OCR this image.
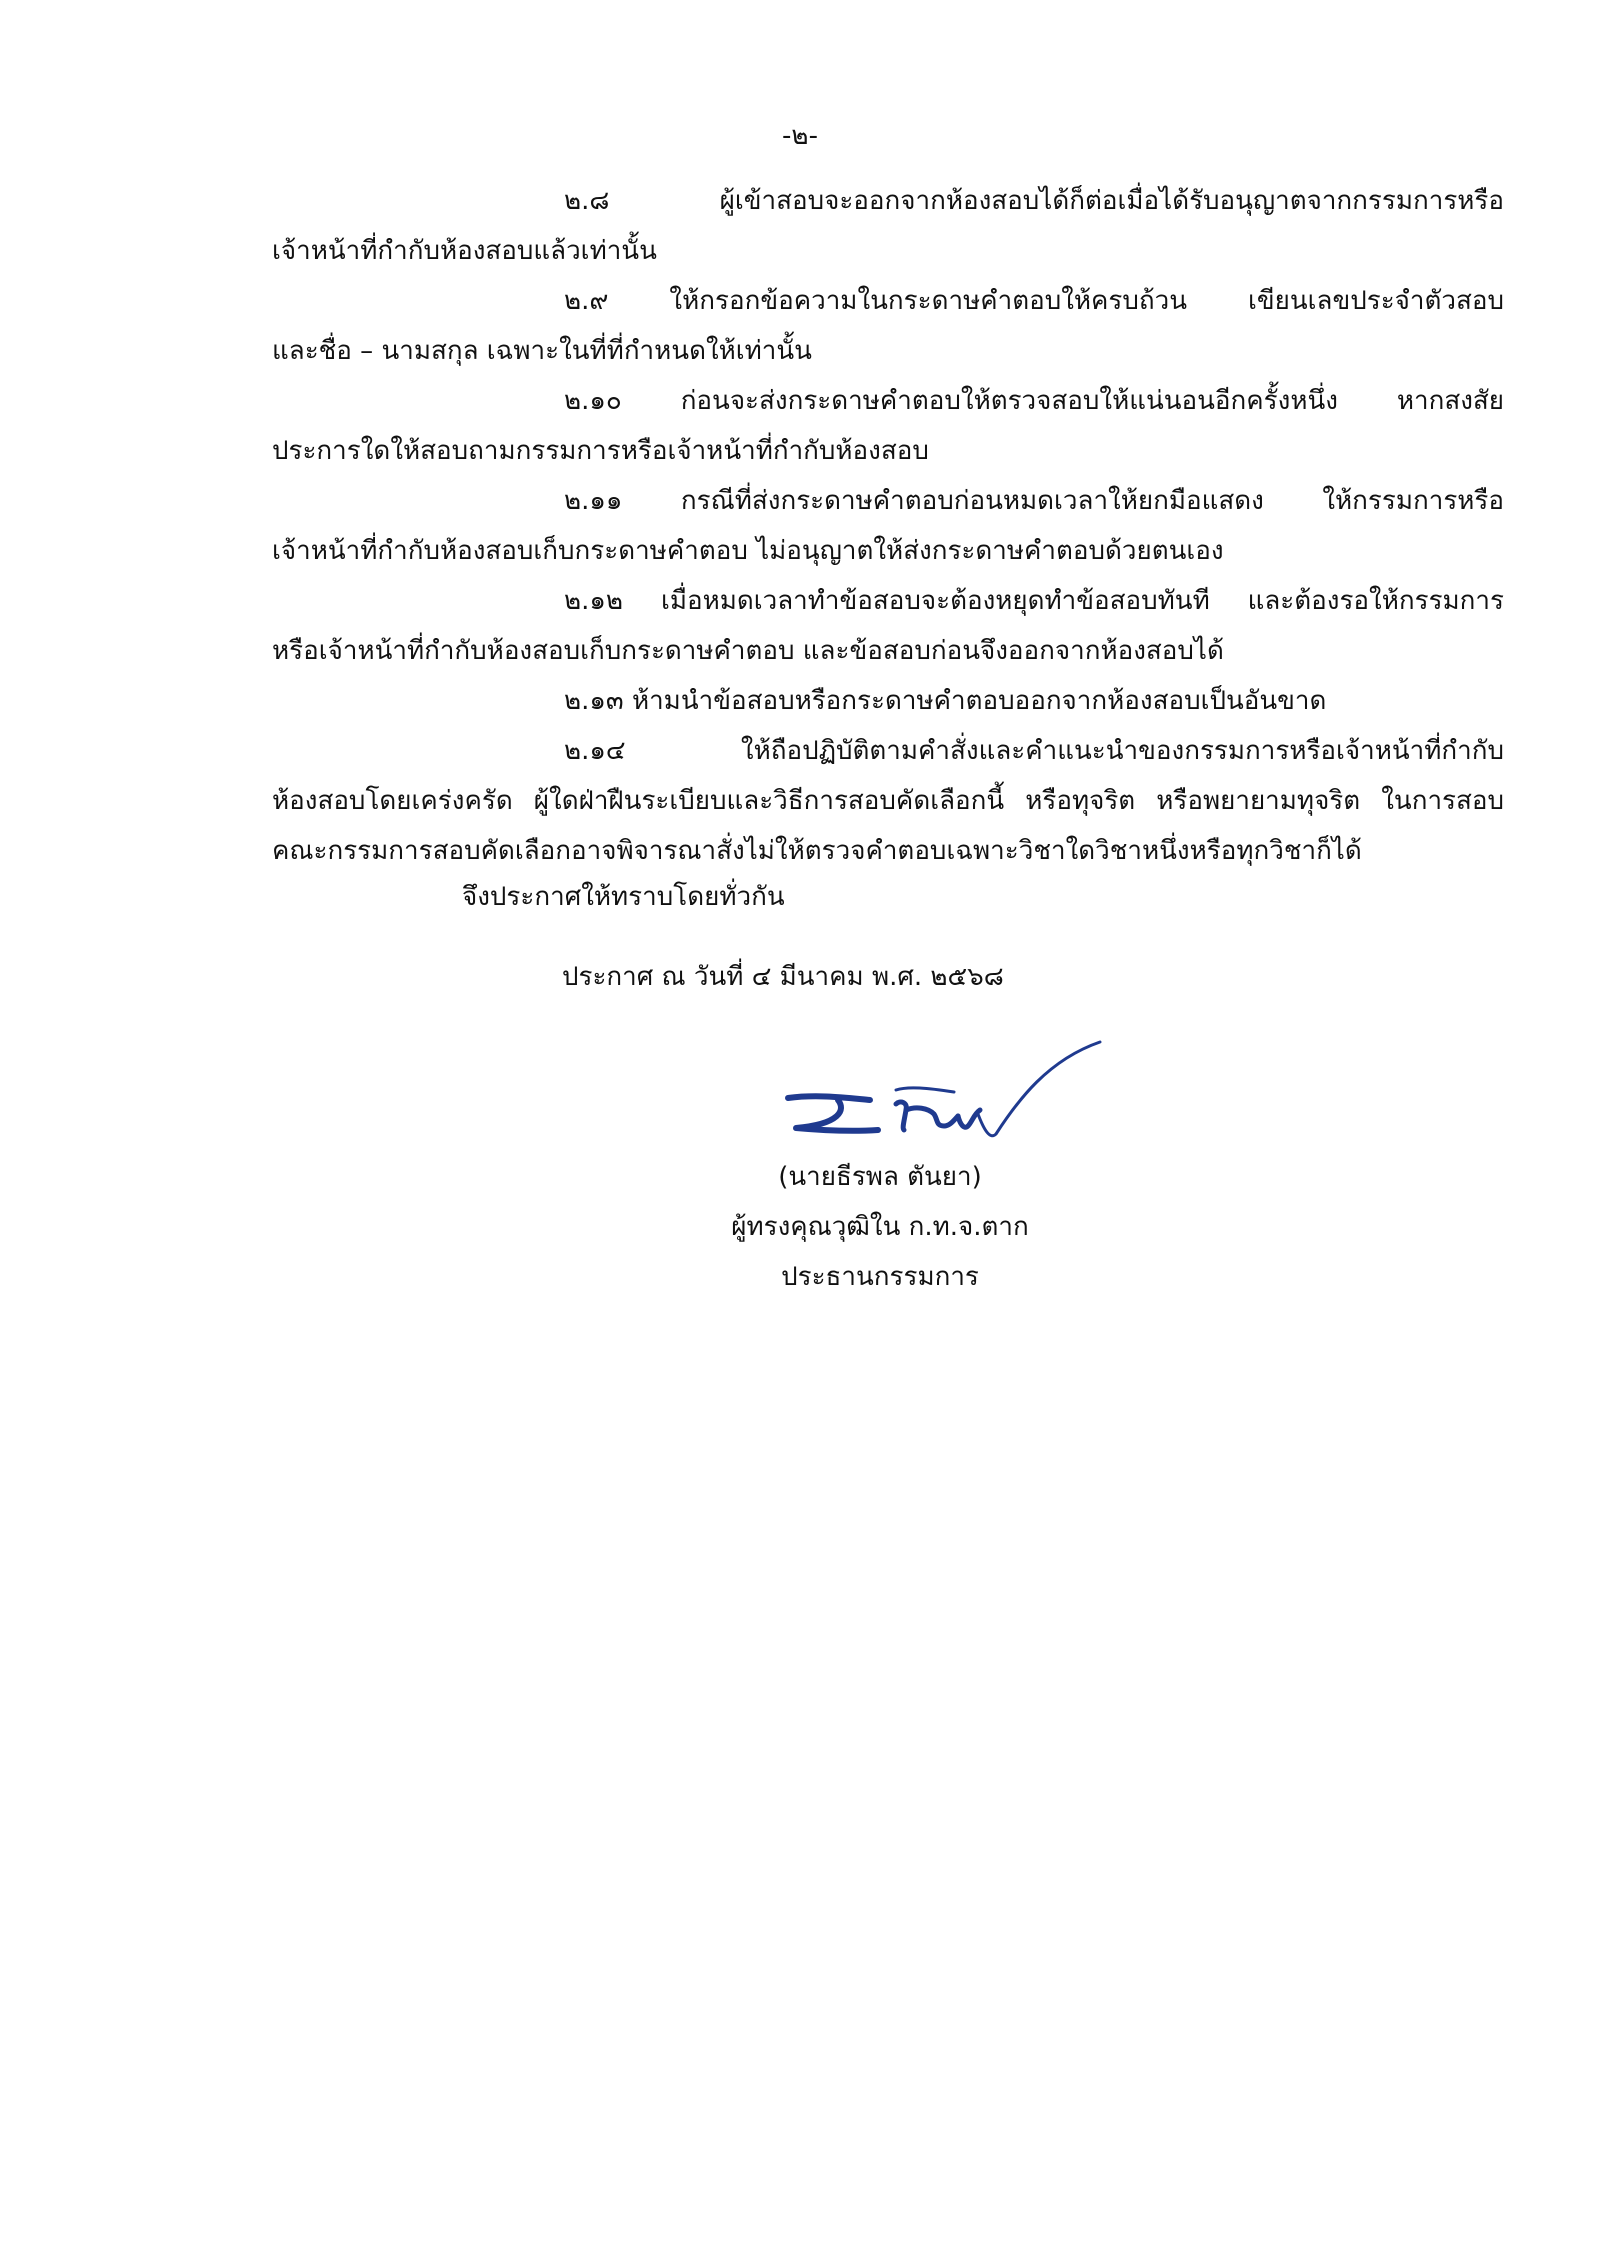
-๒-
๒.๘ ผู้เข้าสอบจะออกจากห้องสอบได้ก็ต่อเมื่อได้รับอนุญาตจากกรรมการหรือ
เจ้าหน้าที่กำกับห้องสอบแล้วเท่านั้น
๒.๙ ให้กรอกข้อความในกระดาษคำตอบให้ครบถ้วน เขียนเลขประจำตัวสอบ
และชื่อ – นามสกุล เฉพาะในที่ที่กำหนดให้เท่านั้น
๒.๑๐ ก่อนจะส่งกระดาษคำตอบให้ตรวจสอบให้แน่นอนอีกครั้งหนึ่ง หากสงสัย
ประการใดให้สอบถามกรรมการหรือเจ้าหน้าที่กำกับห้องสอบ
๒.๑๑ กรณีที่ส่งกระดาษคำตอบก่อนหมดเวลาให้ยกมือแสดง ให้กรรมการหรือ
เจ้าหน้าที่กำกับห้องสอบเก็บกระดาษคำตอบ ไม่อนุญาตให้ส่งกระดาษคำตอบด้วยตนเอง
๒.๑๒ เมื่อหมดเวลาทำข้อสอบจะต้องหยุดทำข้อสอบทันที และต้องรอให้กรรมการ
หรือเจ้าหน้าที่กำกับห้องสอบเก็บกระดาษคำตอบ และข้อสอบก่อนจึงออกจากห้องสอบได้
๒.๑๓ ห้ามนำข้อสอบหรือกระดาษคำตอบออกจากห้องสอบเป็นอันขาด
๒.๑๔ ให้ถือปฏิบัติตามคำสั่งและคำแนะนำของกรรมการหรือเจ้าหน้าที่กำกับ
ห้องสอบโดยเคร่งครัด ผู้ใดฝ่าฝืนระเบียบและวิธีการสอบคัดเลือกนี้ หรือทุจริต หรือพยายามทุจริต ในการสอบ
คณะกรรมการสอบคัดเลือกอาจพิจารณาสั่งไม่ให้ตรวจคำตอบเฉพาะวิชาใดวิชาหนึ่งหรือทุกวิชาก็ได้
จึงประกาศให้ทราบโดยทั่วกัน
ประกาศ ณ วันที่ ๔ มีนาคม พ.ศ. ๒๕๖๘
(นายธีรพล ตันยา)
ผู้ทรงคุณวุฒิใน ก.ท.จ.ตาก
ประธานกรรมการ
